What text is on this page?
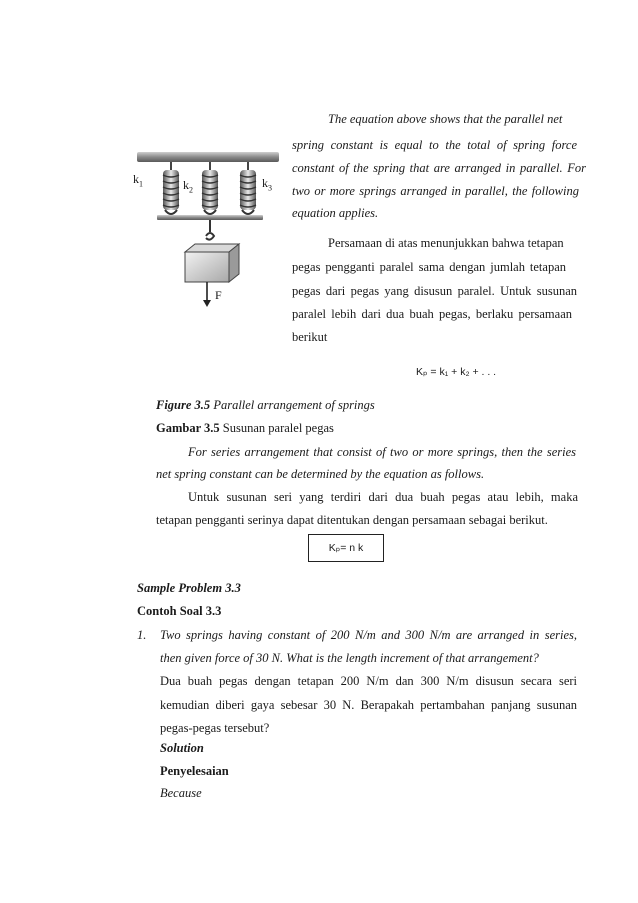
$k_1$	$k_2$	$k_3$
F
The equation above shows that the parallel net
spring constant is equal to the total of spring force
constant of the spring that are arranged in parallel. For
two or more springs arranged in parallel, the following
equation applies.
Persamaan di atas menunjukkan bahwa tetapan
pegas pengganti paralel sama dengan jumlah tetapan
pegas dari pegas yang disusun paralel. Untuk susunan
paralel lebih dari dua buah pegas, berlaku persamaan
berikut
Kₚ = k₁ + k₂ + . . .
Figure 3.5 Parallel arrangement of springs
Gambar 3.5 Susunan paralel pegas
For series arrangement that consist of two or more springs, then the series
net spring constant can be determined by the equation as follows.
Untuk susunan seri yang terdiri dari dua buah pegas atau lebih, maka
tetapan pengganti serinya dapat ditentukan dengan persamaan sebagai berikut.
Kₚ= n k
Sample Problem 3.3
Contoh Soal 3.3
1. Two springs having constant of 200 N/m and 300 N/m are arranged in series,
then given force of 30 N. What is the length increment of that arrangement?
Dua buah pegas dengan tetapan 200 N/m dan 300 N/m disusun secara seri
kemudian diberi gaya sebesar 30 N. Berapakah pertambahan panjang susunan
pegas-pegas tersebut?
Solution
Penyelesaian
Because
